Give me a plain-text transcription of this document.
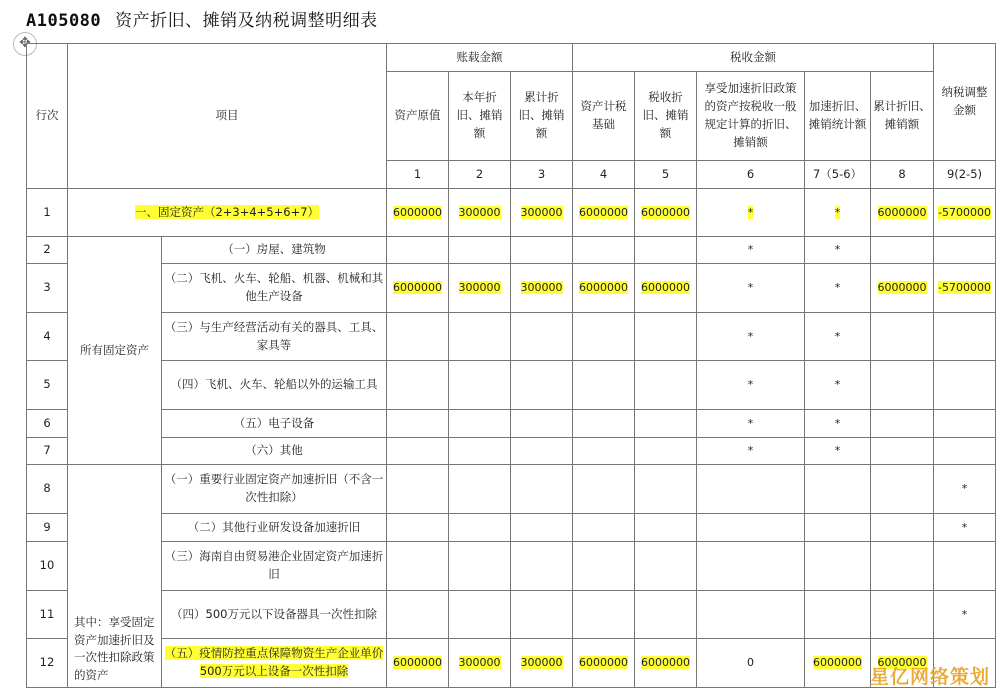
A105080 资产折旧、摊销及纳税调整明细表
✥
行次	项目		账载金额			税收金额					纳税调整金额
			资产原值	本年折旧、摊销额	累计折旧、摊销额	资产计税基础	税收折旧、摊销额	享受加速折旧政策的资产按税收一般规定计算的折旧、摊销额	加速折旧、摊销统计额	累计折旧、摊销额	
			1	2	3	4	5	6	7（5-6）	8	9(2-5)
1	一、固定资产（2+3+4+5+6+7）		6000000	300000	300000	6000000	6000000	*	*	6000000	-5700000
2	所有固定资产	（一）房屋、建筑物						*	*		
3		（二）飞机、火车、轮船、机器、机械和其他生产设备	6000000	300000	300000	6000000	6000000	*	*	6000000	-5700000
4		（三）与生产经营活动有关的器具、工具、家具等						*	*		
5		（四）飞机、火车、轮船以外的运输工具						*	*		
6		（五）电子设备						*	*		
7		（六）其他						*	*		
8	其中：享受固定资产加速折旧及一次性扣除政策的资产	（一）重要行业固定资产加速折旧（不含一次性扣除）									*
9		（二）其他行业研发设备加速折旧									*
10		（三）海南自由贸易港企业固定资产加速折旧									
11		（四）500万元以下设备器具一次性扣除									*
12		（五）疫情防控重点保障物资生产企业单价500万元以上设备一次性扣除	6000000	300000	300000	6000000	6000000	0	6000000	6000000	
星亿网络策划
